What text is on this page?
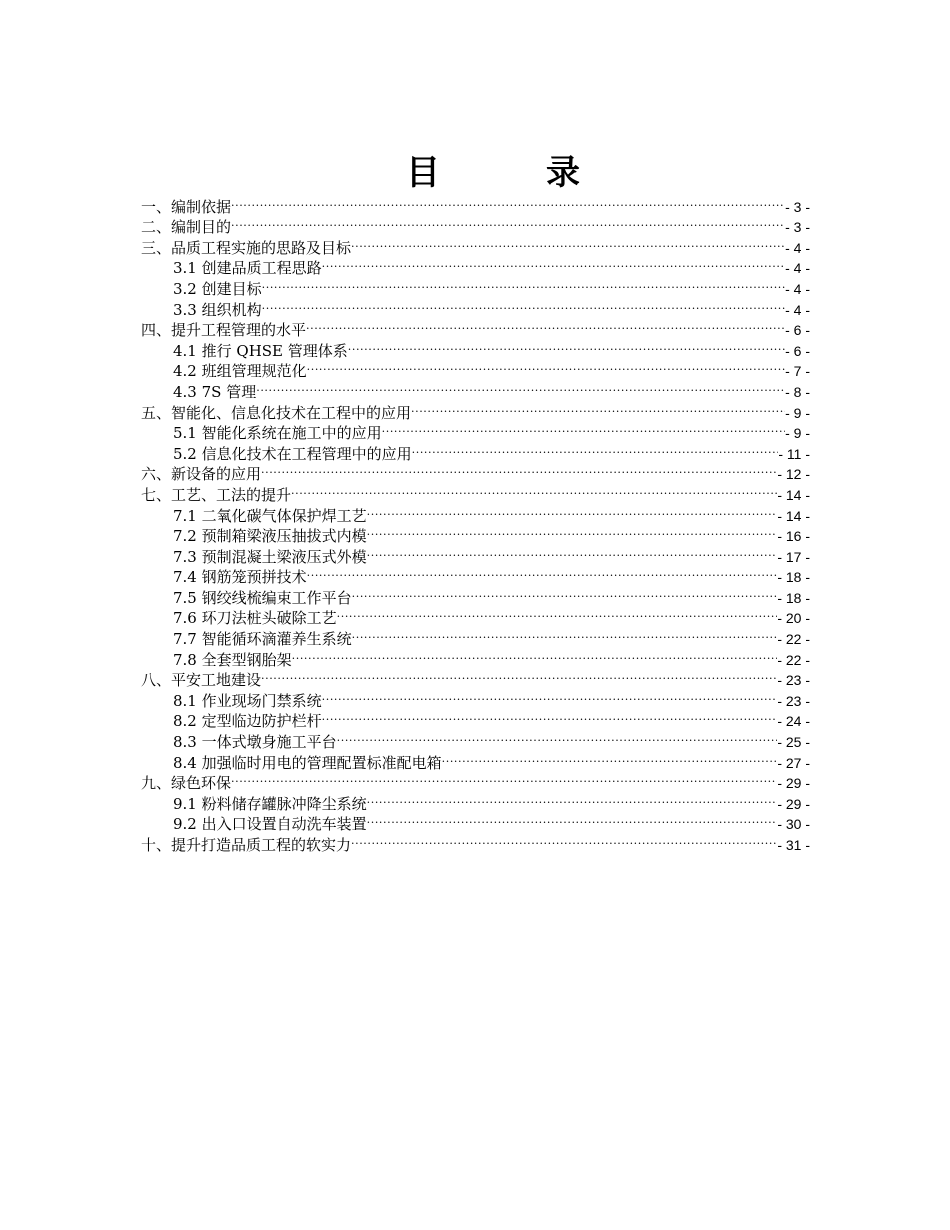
目　录
一、编制依据 .....	- 3 -
二、编制目的 .....	- 3 -
三、品质工程实施的思路及目标 .....	- 4 -
3.1 创建品质工程思路 .....	- 4 -
3.2 创建目标 .....	- 4 -
3.3 组织机构 .....	- 4 -
四、提升工程管理的水平 .....	- 6 -
4.1 推行 QHSE 管理体系 .....	- 6 -
4.2 班组管理规范化 .....	- 7 -
4.3 7S 管理 .....	- 8 -
五、智能化、信息化技术在工程中的应用 .....	- 9 -
5.1 智能化系统在施工中的应用 .....	- 9 -
5.2 信息化技术在工程管理中的应用 .....	- 11 -
六、新设备的应用 .....	- 12 -
七、工艺、工法的提升 .....	- 14 -
7.1 二氧化碳气体保护焊工艺 .....	- 14 -
7.2 预制箱梁液压抽拔式内模 .....	- 16 -
7.3 预制混凝土梁液压式外模 .....	- 17 -
7.4 钢筋笼预拼技术 .....	- 18 -
7.5 钢绞线梳编束工作平台 .....	- 18 -
7.6 环刀法桩头破除工艺 .....	- 20 -
7.7 智能循环滴灌养生系统 .....	- 22 -
7.8 全套型钢胎架 .....	- 22 -
八、平安工地建设 .....	- 23 -
8.1 作业现场门禁系统 .....	- 23 -
8.2 定型临边防护栏杆 .....	- 24 -
8.3 一体式墩身施工平台 .....	- 25 -
8.4 加强临时用电的管理配置标准配电箱 .....	- 27 -
九、绿色环保 .....	- 29 -
9.1 粉料储存罐脉冲降尘系统 .....	- 29 -
9.2 出入口设置自动洗车装置 .....	- 30 -
十、提升打造品质工程的软实力 .....	- 31 -
